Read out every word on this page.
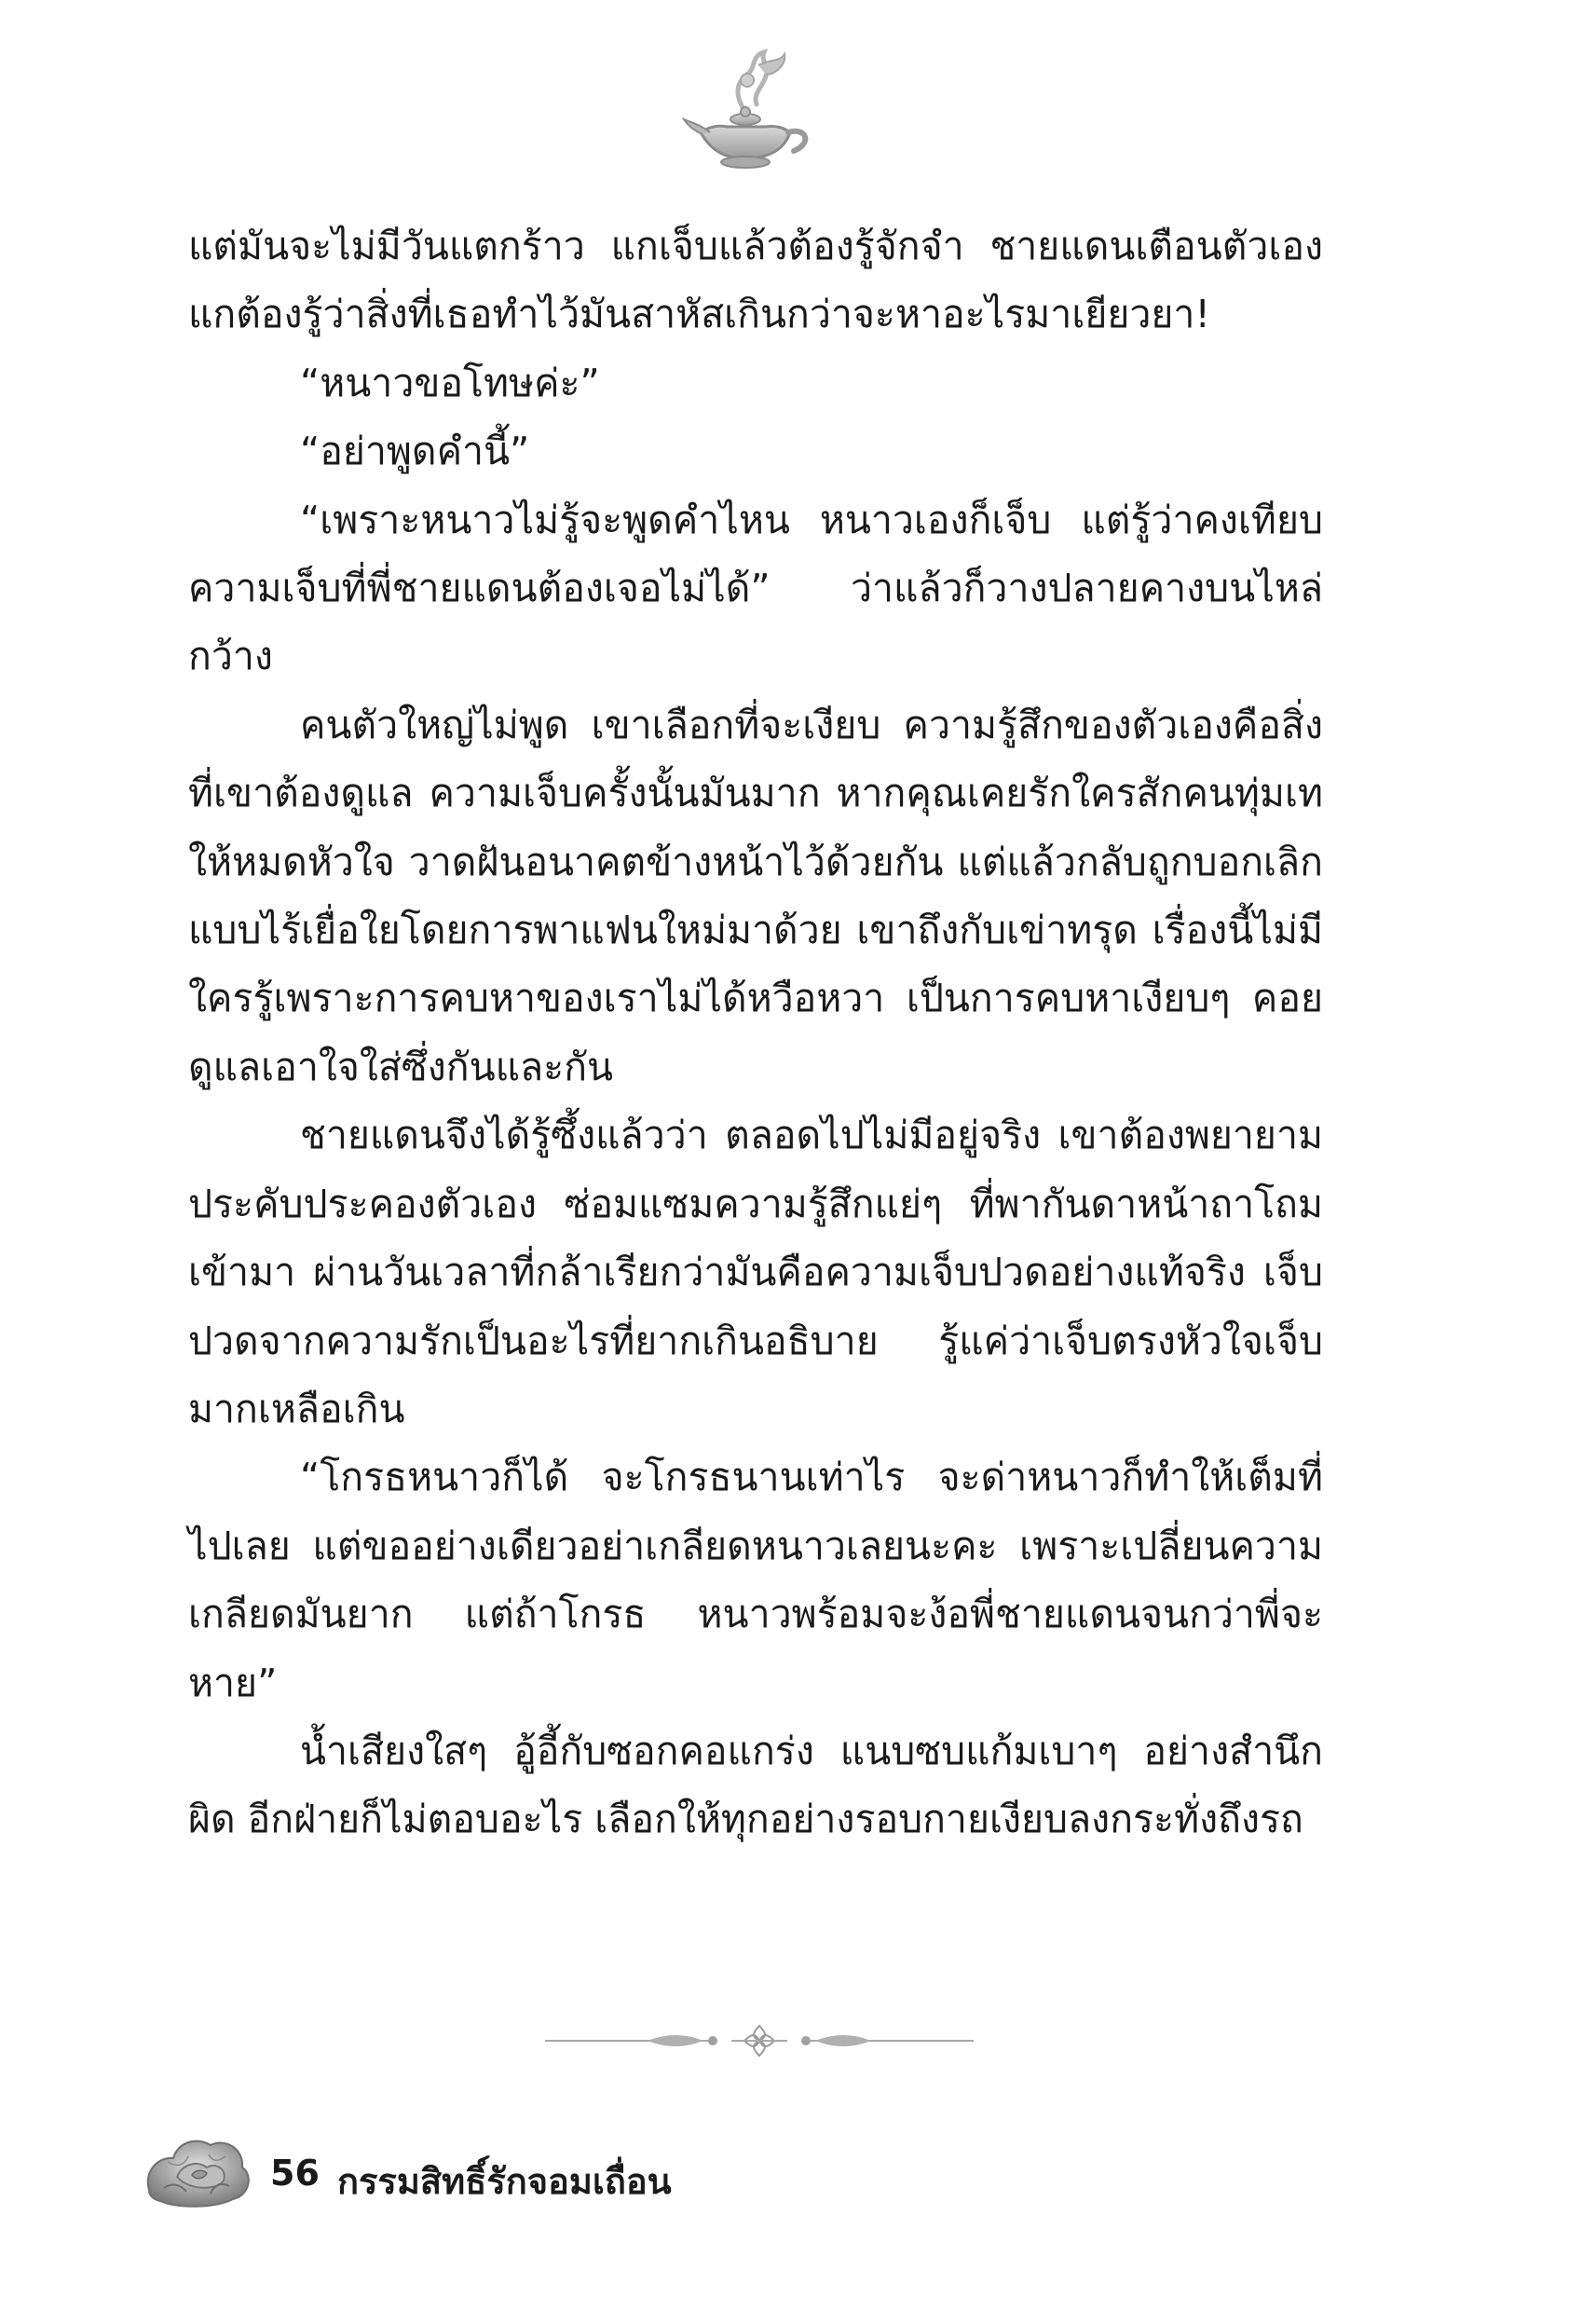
แต่มันจะไม่มีวันแตกร้าว แกเจ็บแล้วต้องรู้จักจำ ชายแดนเตือนตัวเอง แกต้องรู้ว่าสิ่งที่เธอทำไว้มันสาหัสเกินกว่าจะหาอะไรมาเยียวยา!

“หนาวขอโทษค่ะ”

“อย่าพูดคำนี้”

“เพราะหนาวไม่รู้จะพูดคำไหน หนาวเองก็เจ็บ แต่รู้ว่าคงเทียบความเจ็บที่พี่ชายแดนต้องเจอไม่ได้” ว่าแล้วก็วางปลายคางบนไหล่กว้าง

คนตัวใหญ่ไม่พูด เขาเลือกที่จะเงียบ ความรู้สึกของตัวเองคือสิ่งที่เขาต้องดูแล ความเจ็บครั้งนั้นมันมาก หากคุณเคยรักใครสักคนทุ่มเทให้หมดหัวใจ วาดฝันอนาคตข้างหน้าไว้ด้วยกัน แต่แล้วกลับถูกบอกเลิกแบบไร้เยื่อใยโดยการพาแฟนใหม่มาด้วย เขาถึงกับเข่าทรุด เรื่องนี้ไม่มีใครรู้เพราะการคบหาของเราไม่ได้หวือหวา เป็นการคบหาเงียบๆ คอยดูแลเอาใจใส่ซึ่งกันและกัน

ชายแดนจึงได้รู้ซึ้งแล้วว่า ตลอดไปไม่มีอยู่จริง เขาต้องพยายามประคับประคองตัวเอง ซ่อมแซมความรู้สึกแย่ๆ ที่พากันดาหน้าถาโถมเข้ามา ผ่านวันเวลาที่กล้าเรียกว่ามันคือความเจ็บปวดอย่างแท้จริง เจ็บปวดจากความรักเป็นอะไรที่ยากเกินอธิบาย รู้แค่ว่าเจ็บตรงหัวใจเจ็บมากเหลือเกิน

“โกรธหนาวก็ได้ จะโกรธนานเท่าไร จะด่าหนาวก็ทำให้เต็มที่ไปเลย แต่ขออย่างเดียวอย่าเกลียดหนาวเลยนะคะ เพราะเปลี่ยนความเกลียดมันยาก แต่ถ้าโกรธ หนาวพร้อมจะง้อพี่ชายแดนจนกว่าพี่จะหาย”

น้ำเสียงใสๆ อู้อี้กับซอกคอแกร่ง แนบซบแก้มเบาๆ อย่างสำนึกผิด อีกฝ่ายก็ไม่ตอบอะไร เลือกให้ทุกอย่างรอบกายเงียบลงกระทั่งถึงรถ

56 กรรมสิทธิ์รักจอมเถื่อน
